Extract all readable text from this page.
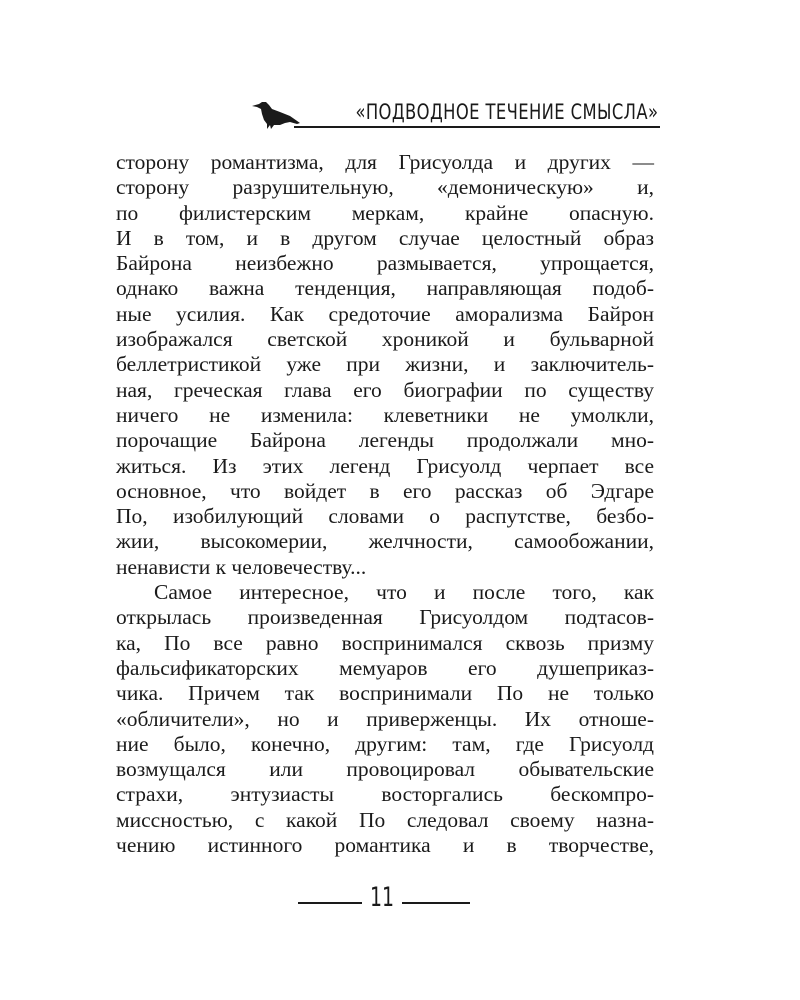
«ПОДВОДНОЕ ТЕЧЕНИЕ СМЫСЛА»
сторону романтизма, для Грисуолда и других —
сторону разрушительную, «демоническую» и,
по филистерским меркам, крайне опасную.
И в том, и в другом случае целостный образ
Байрона неизбежно размывается, упрощается,
однако важна тенденция, направляющая подоб-
ные усилия. Как средоточие аморализма Байрон
изображался светской хроникой и бульварной
беллетристикой уже при жизни, и заключитель-
ная, греческая глава его биографии по существу
ничего не изменила: клеветники не умолкли,
порочащие Байрона легенды продолжали мно-
житься. Из этих легенд Грисуолд черпает все
основное, что войдет в его рассказ об Эдгаре
По, изобилующий словами о распутстве, безбо-
жии, высокомерии, желчности, самообожании,
ненависти к человечеству...
Самое интересное, что и после того, как
открылась произведенная Грисуолдом подтасов-
ка, По все равно воспринимался сквозь призму
фальсификаторских мемуаров его душеприказ-
чика. Причем так воспринимали По не только
«обличители», но и приверженцы. Их отноше-
ние было, конечно, другим: там, где Грисуолд
возмущался или провоцировал обывательские
страхи, энтузиасты восторгались бескомпро-
миссностью, с какой По следовал своему назна-
чению истинного романтика и в творчестве,
11
